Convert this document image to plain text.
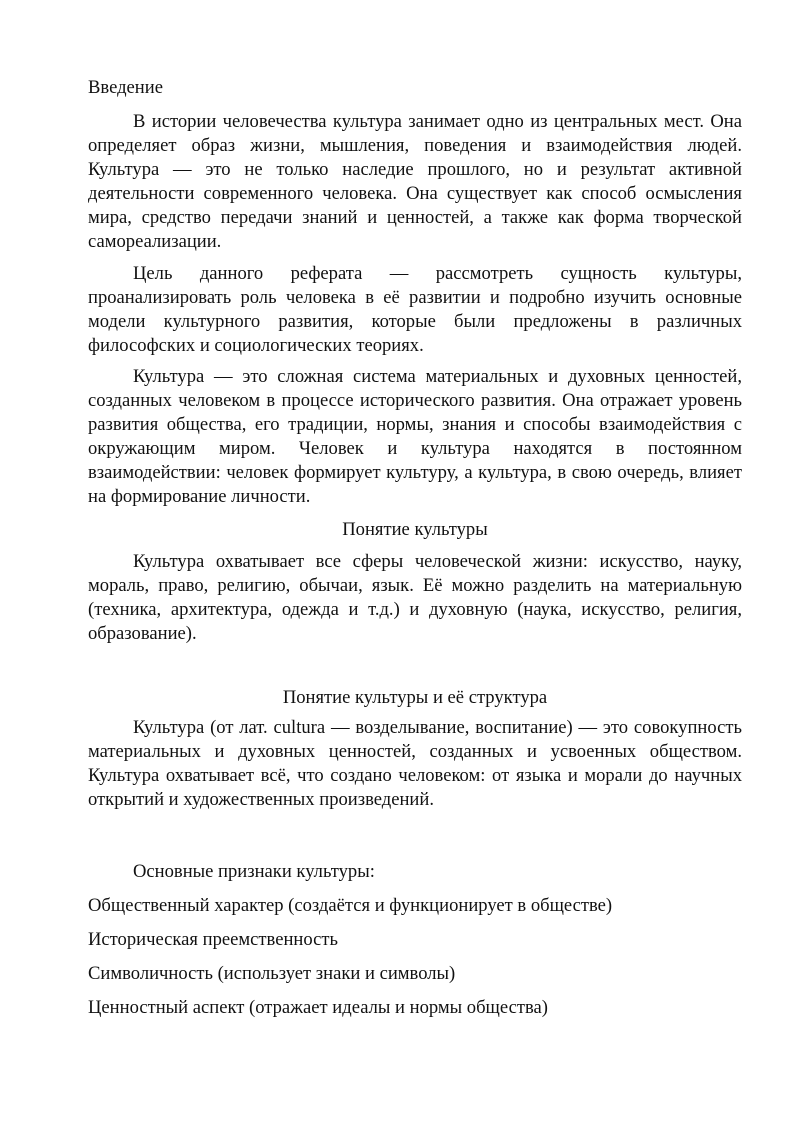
Введение

В истории человечества культура занимает одно из центральных мест. Она определяет образ жизни, мышления, поведения и взаимодействия людей. Культура — это не только наследие прошлого, но и результат активной деятельности современного человека. Она существует как способ осмысления мира, средство передачи знаний и ценностей, а также как форма творческой самореализации.

Цель данного реферата — рассмотреть сущность культуры, проанализировать роль человека в её развитии и подробно изучить основные модели культурного развития, которые были предложены в различных философских и социологических теориях.

Культура — это сложная система материальных и духовных ценностей, созданных человеком в процессе исторического развития. Она отражает уровень развития общества, его традиции, нормы, знания и способы взаимодействия с окружающим миром. Человек и культура находятся в постоянном взаимодействии: человек формирует культуру, а культура, в свою очередь, влияет на формирование личности.

Понятие культуры

Культура охватывает все сферы человеческой жизни: искусство, науку, мораль, право, религию, обычаи, язык. Её можно разделить на материальную (техника, архитектура, одежда и т.д.) и духовную (наука, искусство, религия, образование).

Понятие культуры и её структура

Культура (от лат. cultura — возделывание, воспитание) — это совокупность материальных и духовных ценностей, созданных и усвоенных обществом. Культура охватывает всё, что создано человеком: от языка и морали до научных открытий и художественных произведений.

Основные признаки культуры:

Общественный характер (создаётся и функционирует в обществе)

Историческая преемственность

Символичность (использует знаки и символы)

Ценностный аспект (отражает идеалы и нормы общества)
